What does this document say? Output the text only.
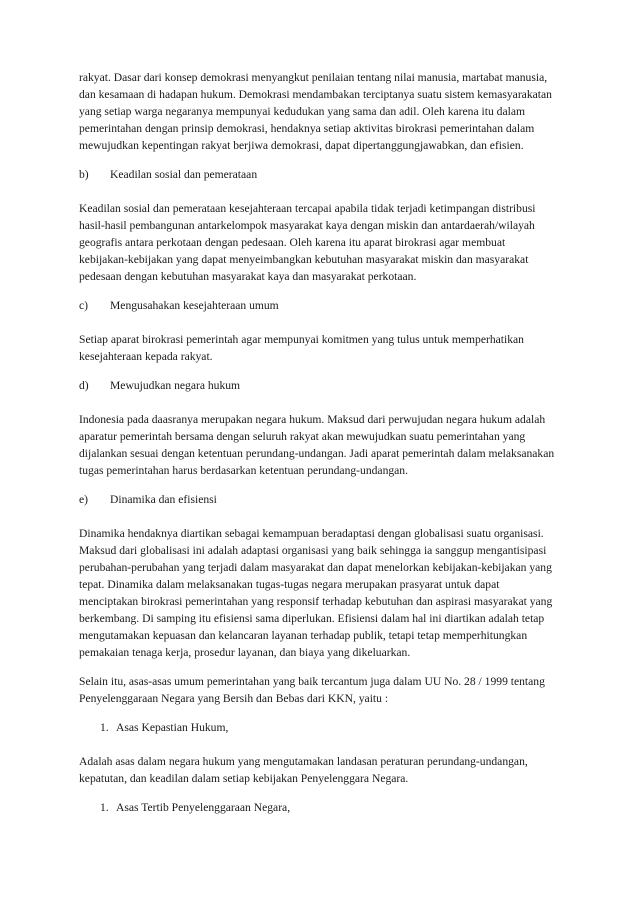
rakyat. Dasar dari konsep demokrasi menyangkut penilaian tentang nilai manusia, martabat manusia, dan kesamaan di hadapan hukum. Demokrasi mendambakan terciptanya suatu sistem kemasyarakatan yang setiap warga negaranya mempunyai kedudukan yang sama dan adil. Oleh karena itu dalam pemerintahan dengan prinsip demokrasi, hendaknya setiap aktivitas birokrasi pemerintahan dalam mewujudkan kepentingan rakyat berjiwa demokrasi, dapat dipertanggungjawabkan, dan efisien.

b) Keadilan sosial dan pemerataan

Keadilan sosial dan pemerataan kesejahteraan tercapai apabila tidak terjadi ketimpangan distribusi hasil-hasil pembangunan antarkelompok masyarakat kaya dengan miskin dan antardaerah/wilayah geografis antara perkotaan dengan pedesaan. Oleh karena itu aparat birokrasi agar membuat kebijakan-kebijakan yang dapat menyeimbangkan kebutuhan masyarakat miskin dan masyarakat pedesaan dengan kebutuhan masyarakat kaya dan masyarakat perkotaan.

c) Mengusahakan kesejahteraan umum

Setiap aparat birokrasi pemerintah agar mempunyai komitmen yang tulus untuk memperhatikan kesejahteraan kepada rakyat.

d) Mewujudkan negara hukum

Indonesia pada daasranya merupakan negara hukum. Maksud dari perwujudan negara hukum adalah aparatur pemerintah bersama dengan seluruh rakyat akan mewujudkan suatu pemerintahan yang dijalankan sesuai dengan ketentuan perundang-undangan. Jadi aparat pemerintah dalam melaksanakan tugas pemerintahan harus berdasarkan ketentuan perundang-undangan.

e) Dinamika dan efisiensi

Dinamika hendaknya diartikan sebagai kemampuan beradaptasi dengan globalisasi suatu organisasi. Maksud dari globalisasi ini adalah adaptasi organisasi yang baik sehingga ia sanggup mengantisipasi perubahan-perubahan yang terjadi dalam masyarakat dan dapat menelorkan kebijakan-kebijakan yang tepat. Dinamika dalam melaksanakan tugas-tugas negara merupakan prasyarat untuk dapat menciptakan birokrasi pemerintahan yang responsif terhadap kebutuhan dan aspirasi masyarakat yang berkembang. Di samping itu efisiensi sama diperlukan. Efisiensi dalam hal ini diartikan adalah tetap mengutamakan kepuasan dan kelancaran layanan terhadap publik, tetapi tetap memperhitungkan pemakaian tenaga kerja, prosedur layanan, dan biaya yang dikeluarkan.

Selain itu, asas-asas umum pemerintahan yang baik tercantum juga dalam UU No. 28 / 1999 tentang Penyelenggaraan Negara yang Bersih dan Bebas dari KKN, yaitu :

1. Asas Kepastian Hukum,

Adalah asas dalam negara hukum yang mengutamakan landasan peraturan perundang-undangan, kepatutan, dan keadilan dalam setiap kebijakan Penyelenggara Negara.

1. Asas Tertib Penyelenggaraan Negara,
